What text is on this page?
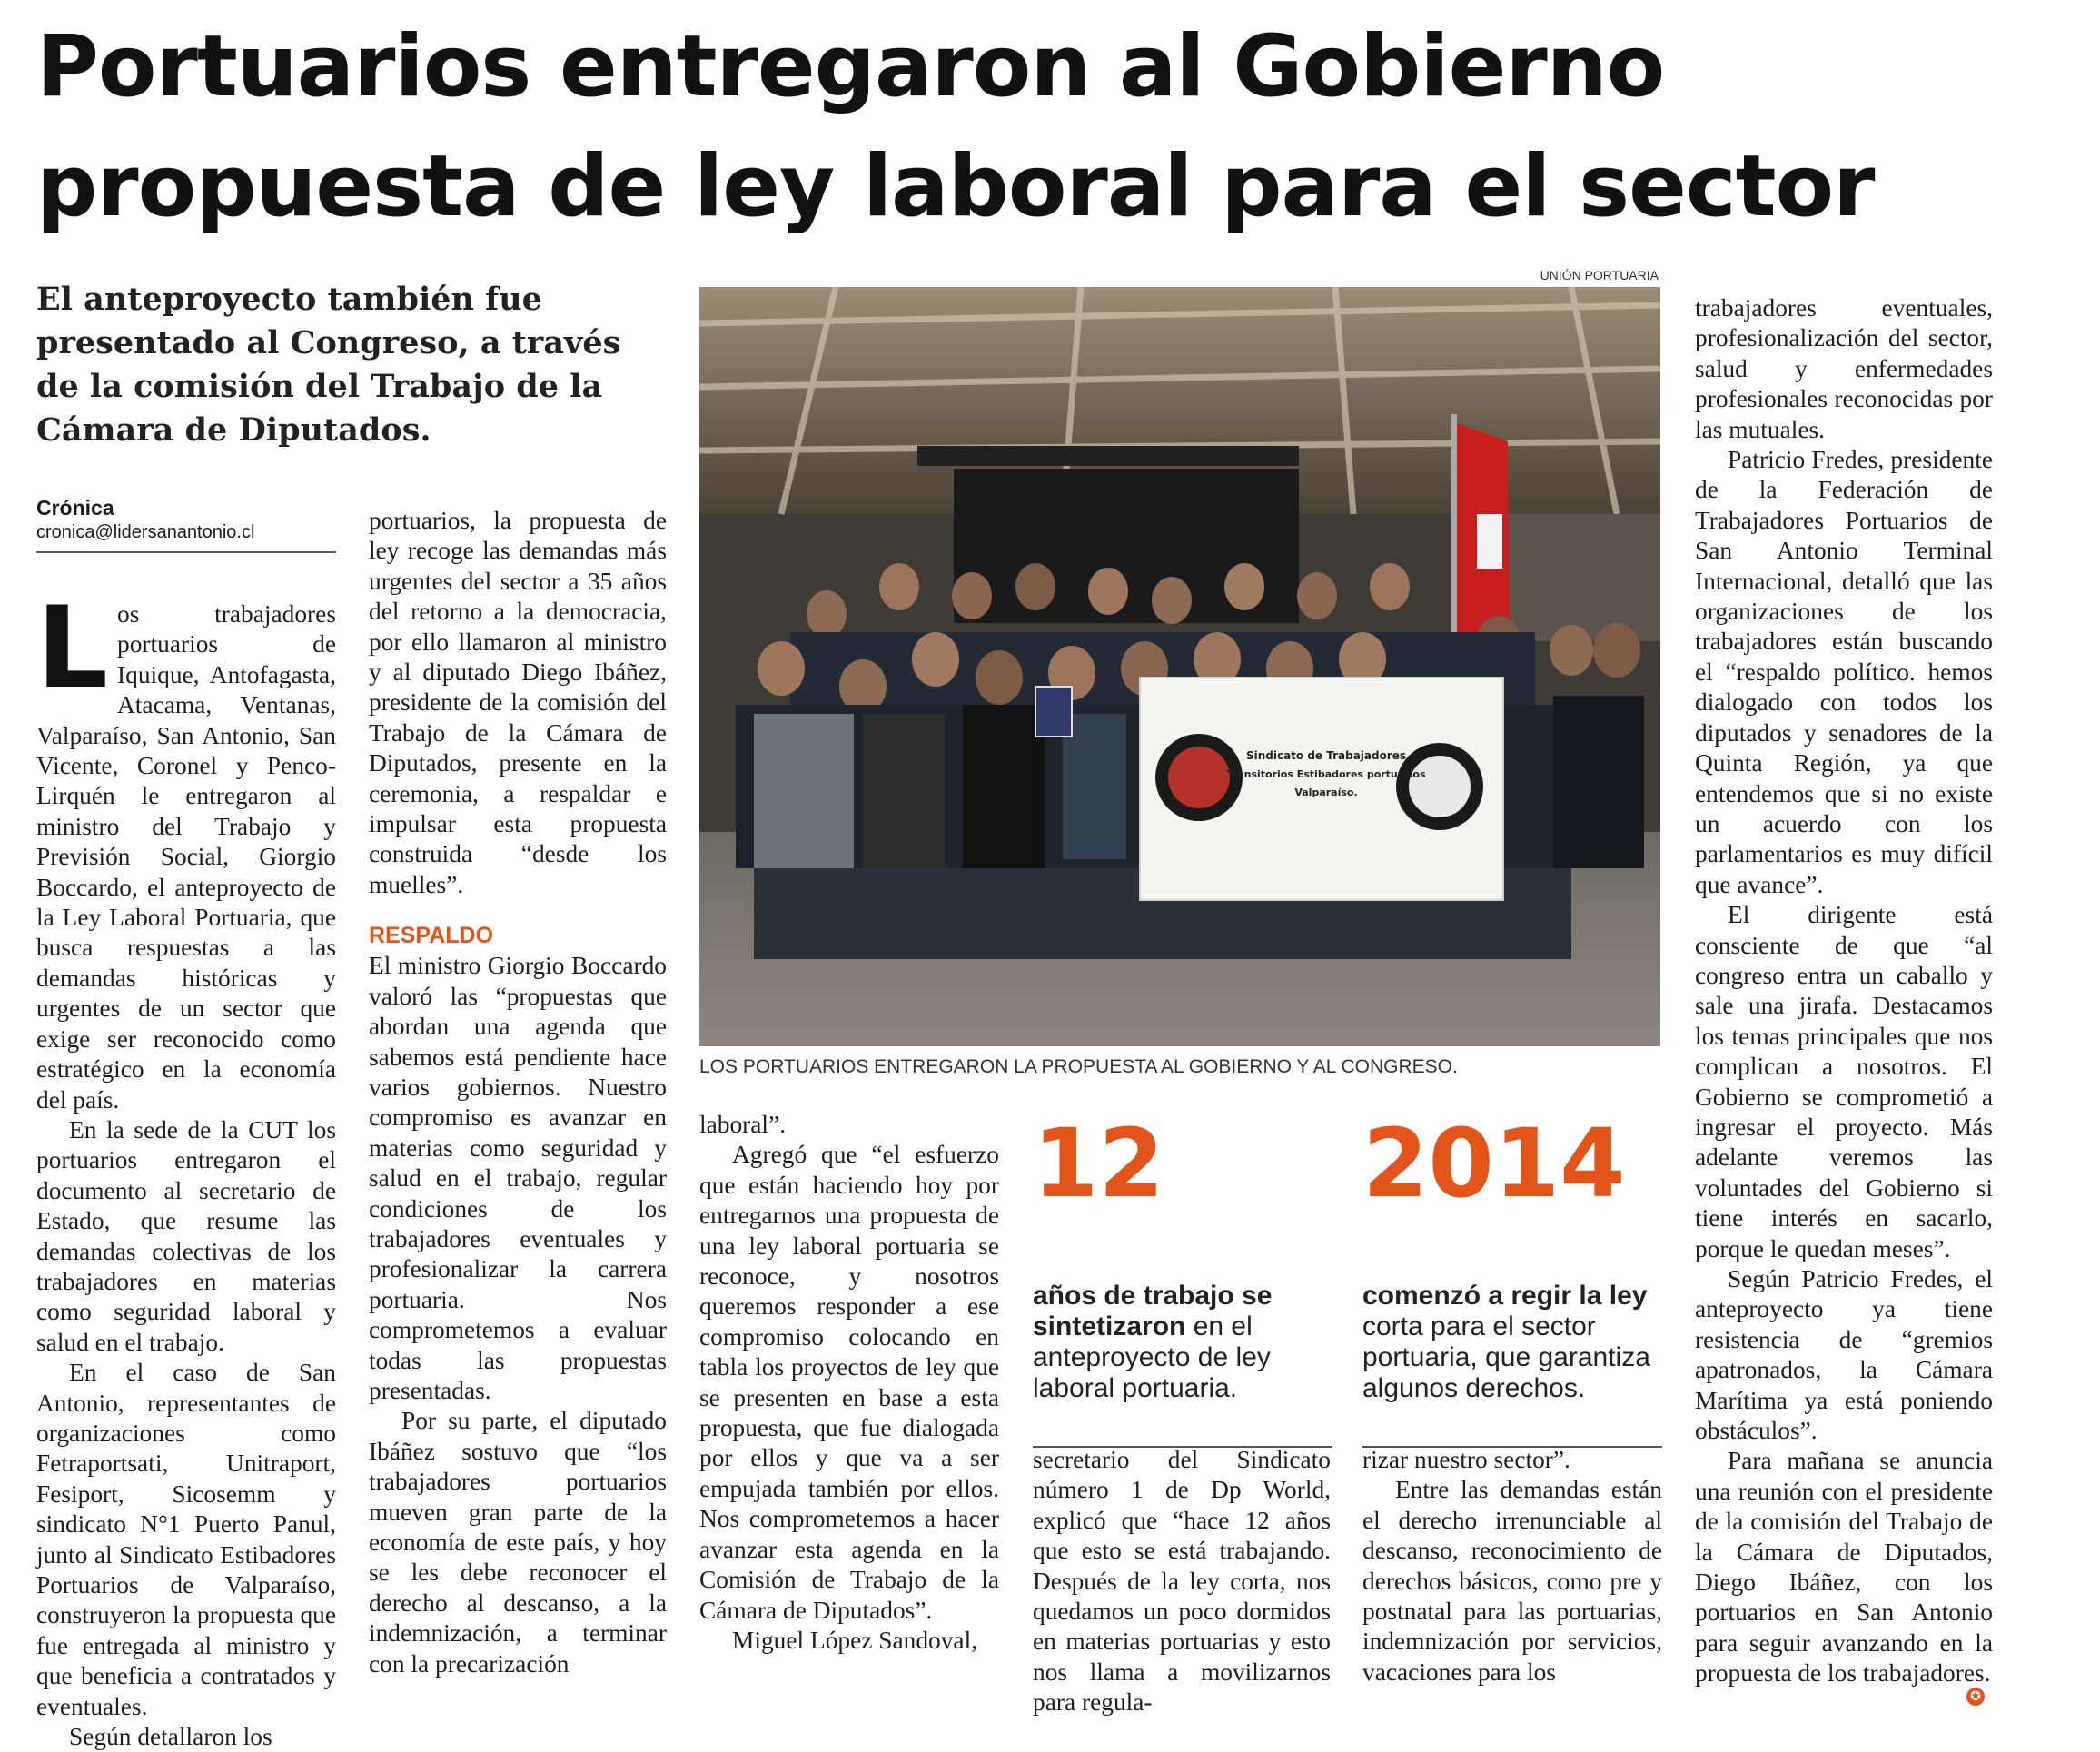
Portuarios entregaron al Gobierno propuesta de ley laboral para el sector
El anteproyecto también fue presentado al Congreso, a través de la comisión del Trabajo de la Cámara de Diputados.
Crónica
cronica@lidersanantonio.cl

Los trabajadores portuarios de Iquique, Antofagasta, Atacama, Ventanas, Valparaíso, San Antonio, San Vicente, Coronel y Penco-Lirquén le entregaron al ministro del Trabajo y Previsión Social, Giorgio Boccardo, el anteproyecto de la Ley Laboral Portuaria, que busca respuestas a las demandas históricas y urgentes de un sector que exige ser reconocido como estratégico en la economía del país.

En la sede de la CUT los portuarios entregaron el documento al secretario de Estado, que resume las demandas colectivas de los trabajadores en materias como seguridad laboral y salud en el trabajo.

En el caso de San Antonio, representantes de organizaciones como Fetraportsati, Unitraport, Fesiport, Sicosemm y sindicato N°1 Puerto Panul, junto al Sindicato Estibadores Portuarios de Valparaíso, construyeron la propuesta que fue entregada al ministro y que beneficia a contratados y eventuales.

Según detallaron los

portuarios, la propuesta de ley recoge las demandas más urgentes del sector a 35 años del retorno a la democracia, por ello llamaron al ministro y al diputado Diego Ibáñez, presidente de la comisión del Trabajo de la Cámara de Diputados, presente en la ceremonia, a respaldar e impulsar esta propuesta construida “desde los muelles”.

RESPALDO

El ministro Giorgio Boccardo valoró las “propuestas que abordan una agenda que sabemos está pendiente hace varios gobiernos. Nuestro compromiso es avanzar en materias como seguridad y salud en el trabajo, regular condiciones de los trabajadores eventuales y profesionalizar la carrera portuaria. Nos comprometemos a evaluar todas las propuestas presentadas.

Por su parte, el diputado Ibáñez sostuvo que “los trabajadores portuarios mueven gran parte de la economía de este país, y hoy se les debe reconocer el derecho al descanso, a la indemnización, a terminar con la precarización

UNIÓN PORTUARIA
Sindicato de Trabajadores
Transitorios Estibadores portuarios
Valparaíso.
LOS PORTUARIOS ENTREGARON LA PROPUESTA AL GOBIERNO Y AL CONGRESO.

laboral”.

Agregó que “el esfuerzo que están haciendo hoy por entregarnos una propuesta de una ley laboral portuaria se reconoce, y nosotros queremos responder a ese compromiso colocando en tabla los proyectos de ley que se presenten en base a esta propuesta, que fue dialogada por ellos y que va a ser empujada también por ellos. Nos comprometemos a hacer avanzar esta agenda en la Comisión de Trabajo de la Cámara de Diputados”.

Miguel López Sandoval,

12
años de trabajo se sintetizaron en el anteproyecto de ley laboral portuaria.
2014
comenzó a regir la ley corta para el sector portuaria, que garantiza algunos derechos.

secretario del Sindicato número 1 de Dp World, explicó que “hace 12 años que esto se está trabajando. Después de la ley corta, nos quedamos un poco dormidos en materias portuarias y esto nos llama a movilizarnos para regula-

rizar nuestro sector”.

Entre las demandas están el derecho irrenunciable al descanso, reconocimiento de derechos básicos, como pre y postnatal para las portuarias, indemnización por servicios, vacaciones para los

trabajadores eventuales, profesionalización del sector, salud y enfermedades profesionales reconocidas por las mutuales.

Patricio Fredes, presidente de la Federación de Trabajadores Portuarios de San Antonio Terminal Internacional, detalló que las organizaciones de los trabajadores están buscando el “respaldo político. hemos dialogado con todos los diputados y senadores de la Quinta Región, ya que entendemos que si no existe un acuerdo con los parlamentarios es muy difícil que avance”.

El dirigente está consciente de que “al congreso entra un caballo y sale una jirafa. Destacamos los temas principales que nos complican a nosotros. El Gobierno se comprometió a ingresar el proyecto. Más adelante veremos las voluntades del Gobierno si tiene interés en sacarlo, porque le quedan meses”.

Según Patricio Fredes, el anteproyecto ya tiene resistencia de “gremios apatronados, la Cámara Marítima ya está poniendo obstáculos”.

Para mañana se anuncia una reunión con el presidente de la comisión del Trabajo de la Cámara de Diputados, Diego Ibáñez, con los portuarios en San Antonio para seguir avanzando en la propuesta de los trabajadores.

✪
